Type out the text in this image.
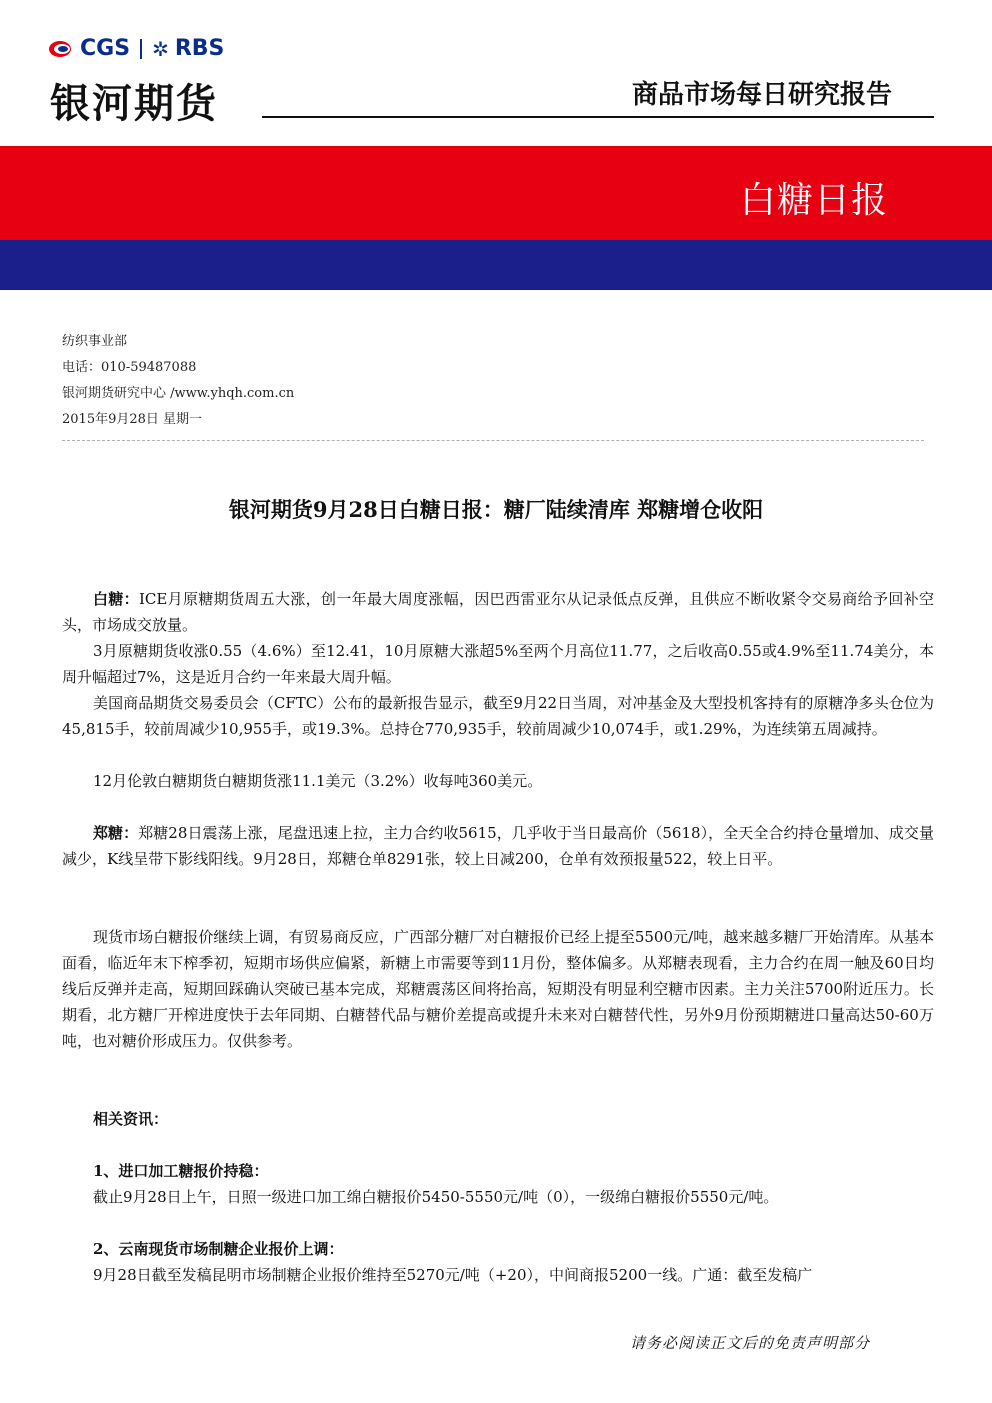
CGS ✲ RBS
银河期货	商品市场每日研究报告
白糖日报
纺织事业部
电话：010-59487088
银河期货研究中心 /www.yhqh.com.cn
2015年9月28日 星期一
银河期货9月28日白糖日报：糖厂陆续清库 郑糖增仓收阳
白糖：ICE月原糖期货周五大涨，创一年最大周度涨幅，因巴西雷亚尔从记录低点反弹，且供应不断收紧令交易商给予回补空头，市场成交放量。
3月原糖期货收涨0.55（4.6%）至12.41，10月原糖大涨超5%至两个月高位11.77，之后收高0.55或4.9%至11.74美分，本周升幅超过7%，这是近月合约一年来最大周升幅。
美国商品期货交易委员会（CFTC）公布的最新报告显示，截至9月22日当周，对冲基金及大型投机客持有的原糖净多头仓位为45,815手，较前周减少10,955手，或19.3%。总持仓770,935手，较前周减少10,074手，或1.29%，为连续第五周减持。
12月伦敦白糖期货白糖期货涨11.1美元（3.2%）收每吨360美元。
郑糖：郑糖28日震荡上涨，尾盘迅速上拉，主力合约收5615，几乎收于当日最高价（5618），全天全合约持仓量增加、成交量减少，K线呈带下影线阳线。9月28日，郑糖仓单8291张，较上日减200，仓单有效预报量522，较上日平。
现货市场白糖报价继续上调，有贸易商反应，广西部分糖厂对白糖报价已经上提至5500元/吨，越来越多糖厂开始清库。从基本面看，临近年末下榨季初，短期市场供应偏紧，新糖上市需要等到11月份，整体偏多。从郑糖表现看，主力合约在周一触及60日均线后反弹并走高，短期回踩确认突破已基本完成，郑糖震荡区间将抬高，短期没有明显利空糖市因素。主力关注5700附近压力。长期看，北方糖厂开榨进度快于去年同期、白糖替代品与糖价差提高或提升未来对白糖替代性，另外9月份预期糖进口量高达50-60万吨，也对糖价形成压力。仅供参考。
相关资讯：
1、进口加工糖报价持稳：
截止9月28日上午，日照一级进口加工绵白糖报价5450-5550元/吨（0），一级绵白糖报价5550元/吨。
2、云南现货市场制糖企业报价上调：
9月28日截至发稿昆明市场制糖企业报价维持至5270元/吨（+20），中间商报5200一线。广通：截至发稿广
请务必阅读正文后的免责声明部分
